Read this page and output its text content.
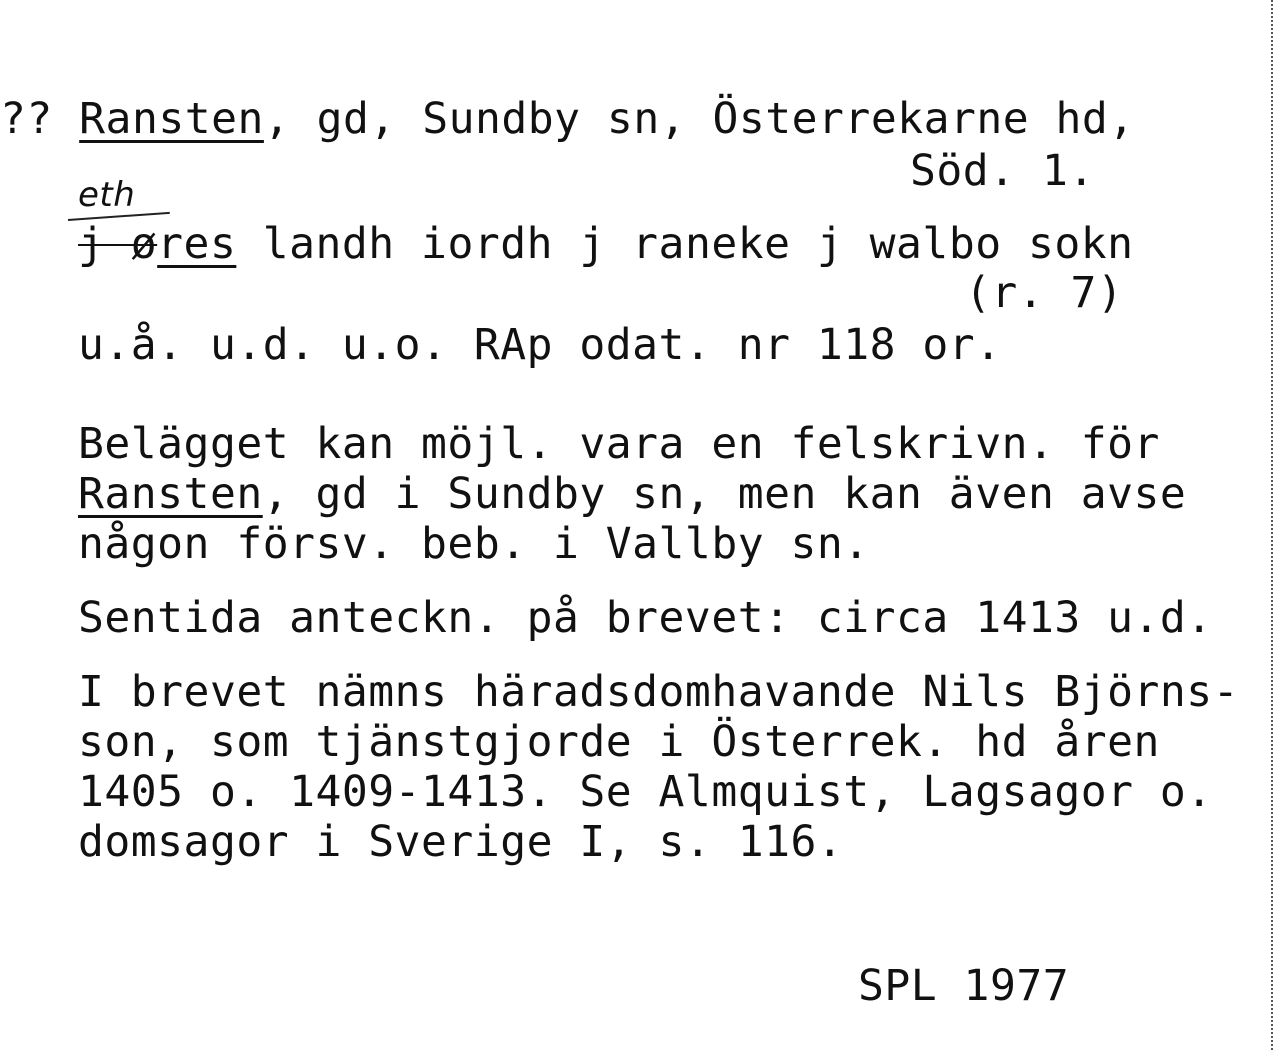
?? Ransten, gd, Sundby sn, Österrekarne hd,
Söd. 1.
eth
j øres landh iordh j raneke j walbo sokn
(r. 7)
u.å. u.d. u.o. RAp odat. nr 118 or.
Belägget kan möjl. vara en felskrivn. för
Ransten, gd i Sundby sn, men kan även avse
någon försv. beb. i Vallby sn.
Sentida anteckn. på brevet: circa 1413 u.d.
I brevet nämns häradsdomhavande Nils Björns-
son, som tjänstgjorde i Österrek. hd åren
1405 o. 1409-1413. Se Almquist, Lagsagor o.
domsagor i Sverige I, s. 116.
SPL 1977
